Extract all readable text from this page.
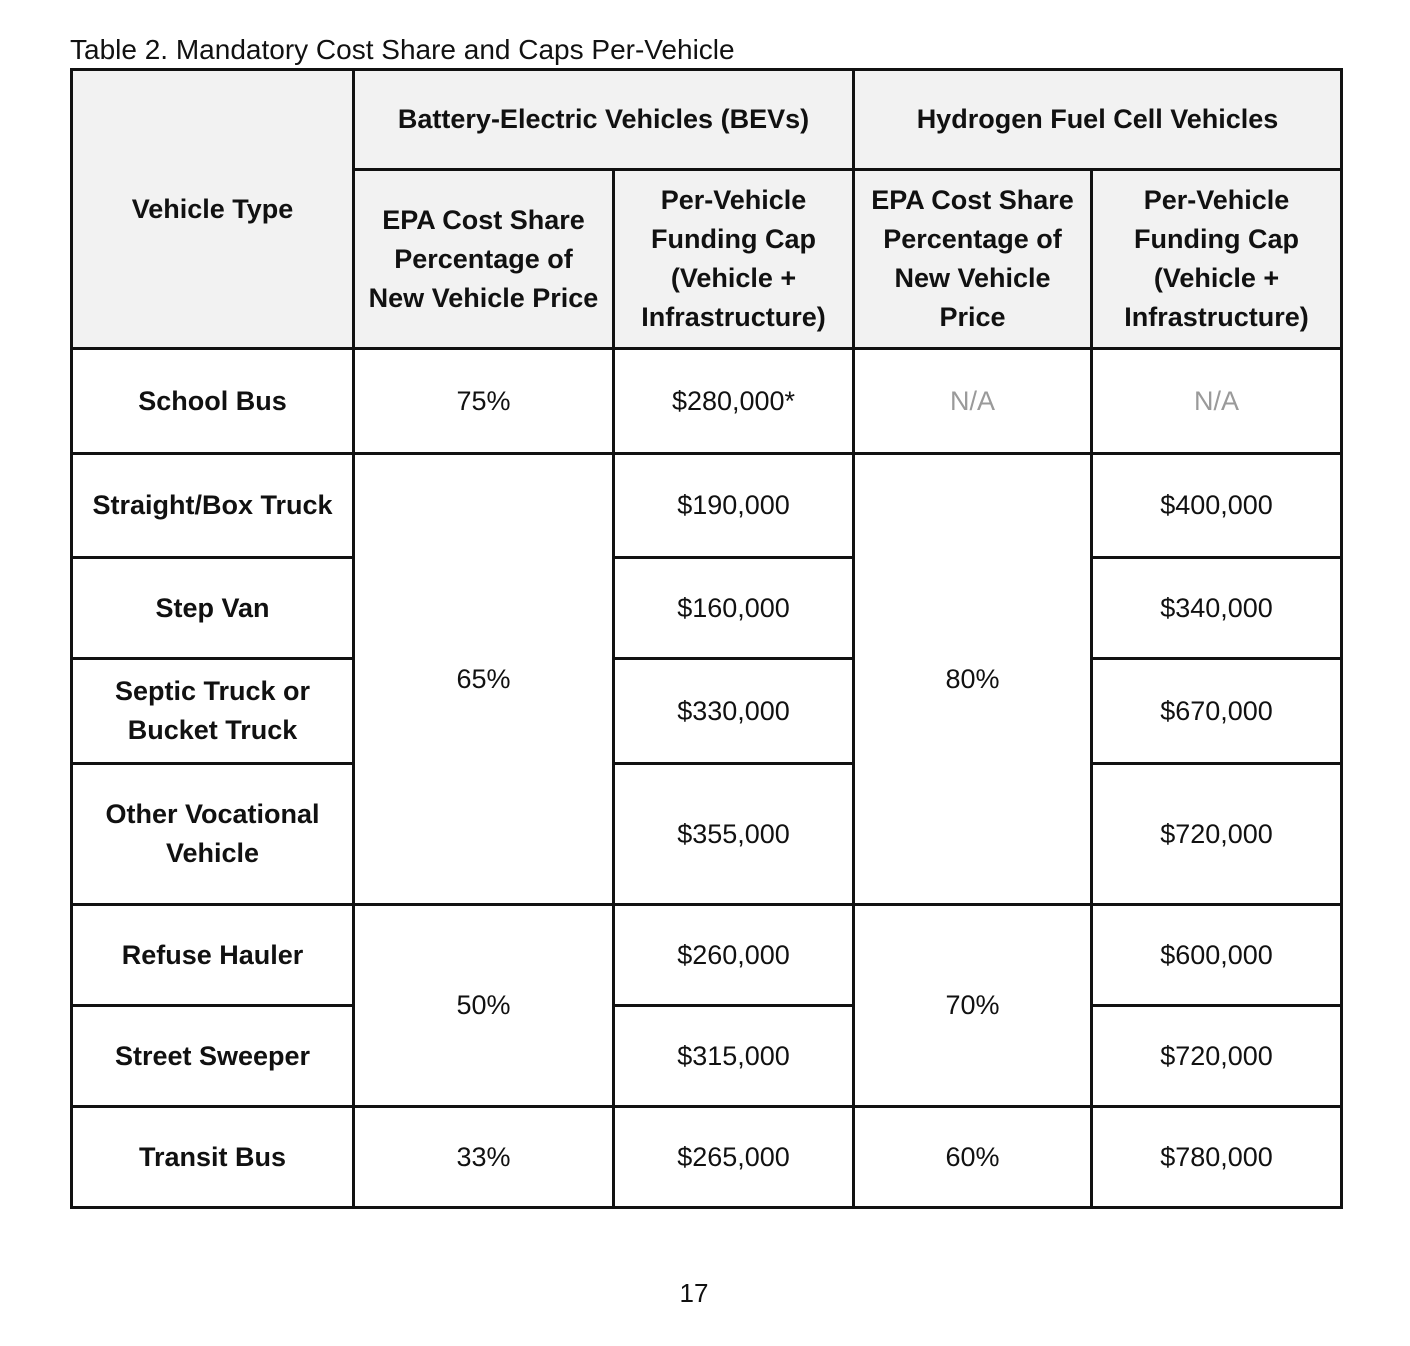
Table 2. Mandatory Cost Share and Caps Per-Vehicle

Vehicle Type	Battery-Electric Vehicles (BEVs)		Hydrogen Fuel Cell Vehicles	
	EPA Cost Share Percentage of New Vehicle Price	Per-Vehicle Funding Cap (Vehicle + Infrastructure)	EPA Cost Share Percentage of New Vehicle Price	Per-Vehicle Funding Cap (Vehicle + Infrastructure)
School Bus	75%	$280,000*	N/A	N/A
Straight/Box Truck	65%	$190,000	80%	$400,000
Step Van		$160,000		$340,000
Septic Truck or Bucket Truck		$330,000		$670,000
Other Vocational Vehicle		$355,000		$720,000
Refuse Hauler	50%	$260,000	70%	$600,000
Street Sweeper		$315,000		$720,000
Transit Bus	33%	$265,000	60%	$780,000
17
